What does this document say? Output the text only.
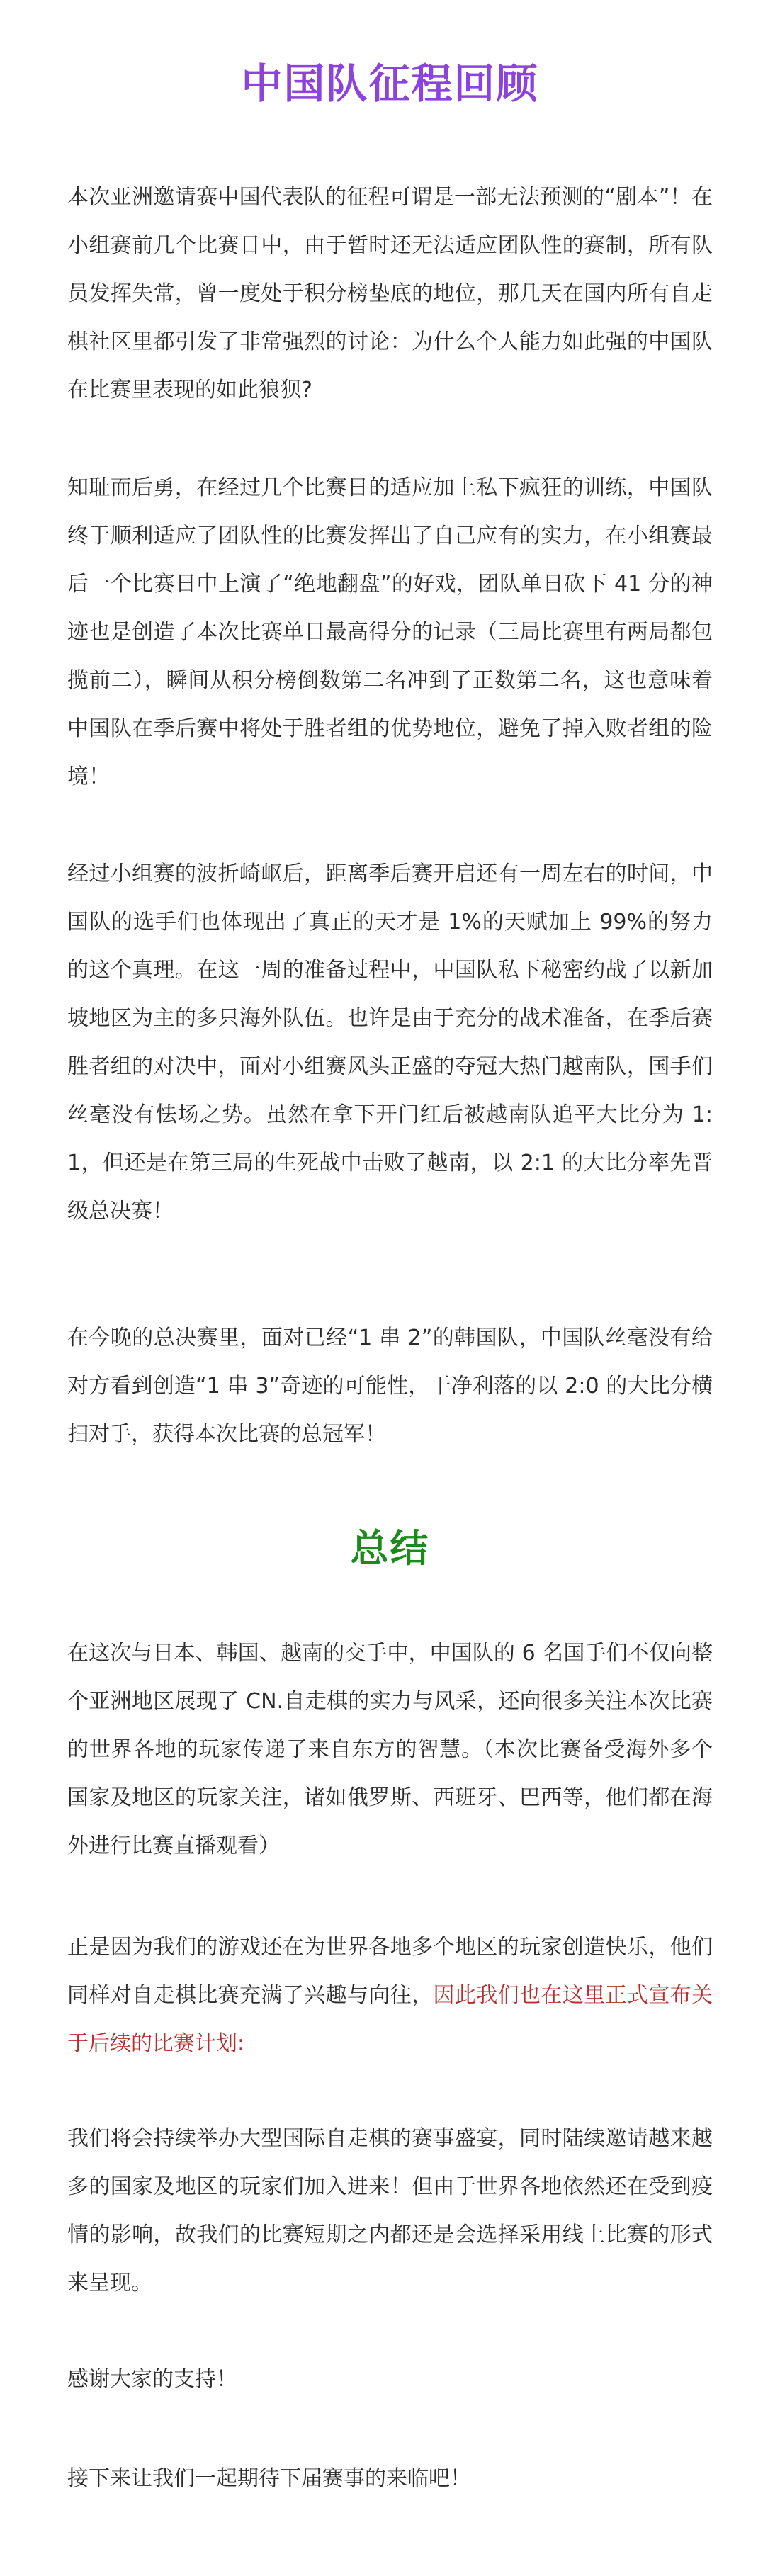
中国队征程回顾

本次亚洲邀请赛中国代表队的征程可谓是一部无法预测的“剧本”！在小组赛前几个比赛日中，由于暂时还无法适应团队性的赛制，所有队员发挥失常，曾一度处于积分榜垫底的地位，那几天在国内所有自走棋社区里都引发了非常强烈的讨论：为什么个人能力如此强的中国队在比赛里表现的如此狼狈?

知耻而后勇，在经过几个比赛日的适应加上私下疯狂的训练，中国队终于顺利适应了团队性的比赛发挥出了自己应有的实力，在小组赛最后一个比赛日中上演了“绝地翻盘”的好戏，团队单日砍下 41 分的神迹也是创造了本次比赛单日最高得分的记录（三局比赛里有两局都包揽前二），瞬间从积分榜倒数第二名冲到了正数第二名，这也意味着中国队在季后赛中将处于胜者组的优势地位，避免了掉入败者组的险境！

经过小组赛的波折崎岖后，距离季后赛开启还有一周左右的时间，中国队的选手们也体现出了真正的天才是 1%的天赋加上 99%的努力的这个真理。在这一周的准备过程中，中国队私下秘密约战了以新加坡地区为主的多只海外队伍。也许是由于充分的战术准备，在季后赛胜者组的对决中，面对小组赛风头正盛的夺冠大热门越南队，国手们丝毫没有怯场之势。虽然在拿下开门红后被越南队追平大比分为 1:1，但还是在第三局的生死战中击败了越南，以 2:1 的大比分率先晋级总决赛！

在今晚的总决赛里，面对已经“1 串 2”的韩国队，中国队丝毫没有给对方看到创造“1 串 3”奇迹的可能性，干净利落的以 2:0 的大比分横扫对手，获得本次比赛的总冠军！

总结

在这次与日本、韩国、越南的交手中，中国队的 6 名国手们不仅向整个亚洲地区展现了 CN.自走棋的实力与风采，还向很多关注本次比赛的世界各地的玩家传递了来自东方的智慧。（本次比赛备受海外多个国家及地区的玩家关注，诸如俄罗斯、西班牙、巴西等，他们都在海外进行比赛直播观看）

正是因为我们的游戏还在为世界各地多个地区的玩家创造快乐，他们同样对自走棋比赛充满了兴趣与向往，因此我们也在这里正式宣布关于后续的比赛计划:

我们将会持续举办大型国际自走棋的赛事盛宴，同时陆续邀请越来越多的国家及地区的玩家们加入进来！但由于世界各地依然还在受到疫情的影响，故我们的比赛短期之内都还是会选择采用线上比赛的形式来呈现。

感谢大家的支持！

接下来让我们一起期待下届赛事的来临吧！
